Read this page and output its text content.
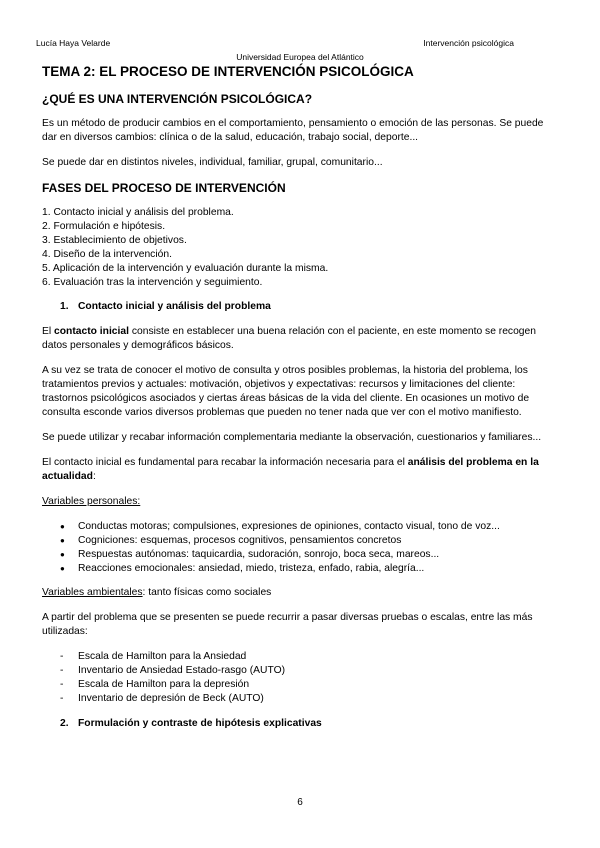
Lucía Haya Velarde	Intervención psicológica
Universidad Europea del Atlántico
TEMA 2: EL PROCESO DE INTERVENCIÓN PSICOLÓGICA
¿QUÉ ES UNA INTERVENCIÓN PSICOLÓGICA?

Es un método de producir cambios en el comportamiento, pensamiento o emoción de las personas. Se puede dar en diversos cambios: clínica o de la salud, educación, trabajo social, deporte...

Se puede dar en distintos niveles, individual, familiar, grupal, comunitario...

FASES DEL PROCESO DE INTERVENCIÓN
1. Contacto inicial y análisis del problema.
2. Formulación e hipótesis.
3. Establecimiento de objetivos.
4. Diseño de la intervención.
5. Aplicación de la intervención y evaluación durante la misma.
6. Evaluación tras la intervención y seguimiento.
1. Contacto inicial y análisis del problema

El contacto inicial consiste en establecer una buena relación con el paciente, en este momento se recogen datos personales y demográficos básicos.

A su vez se trata de conocer el motivo de consulta y otros posibles problemas, la historia del problema, los tratamientos previos y actuales: motivación, objetivos y expectativas: recursos y limitaciones del cliente: trastornos psicológicos asociados y ciertas áreas básicas de la vida del cliente. En ocasiones un motivo de consulta esconde varios diversos problemas que pueden no tener nada que ver con el motivo manifiesto.

Se puede utilizar y recabar información complementaria mediante la observación, cuestionarios y familiares...

El contacto inicial es fundamental para recabar la información necesaria para el análisis del problema en la actualidad:

Variables personales:

● Conductas motoras; compulsiones, expresiones de opiniones, contacto visual, tono de voz...
● Cogniciones: esquemas, procesos cognitivos, pensamientos concretos
● Respuestas autónomas: taquicardia, sudoración, sonrojo, boca seca, mareos...
● Reacciones emocionales: ansiedad, miedo, tristeza, enfado, rabia, alegría...

Variables ambientales: tanto físicas como sociales

A partir del problema que se presenten se puede recurrir a pasar diversas pruebas o escalas, entre las más utilizadas:

- Escala de Hamilton para la Ansiedad
- Inventario de Ansiedad Estado-rasgo (AUTO)
- Escala de Hamilton para la depresión
- Inventario de depresión de Beck (AUTO)
2. Formulación y contraste de hipótesis explicativas
6
